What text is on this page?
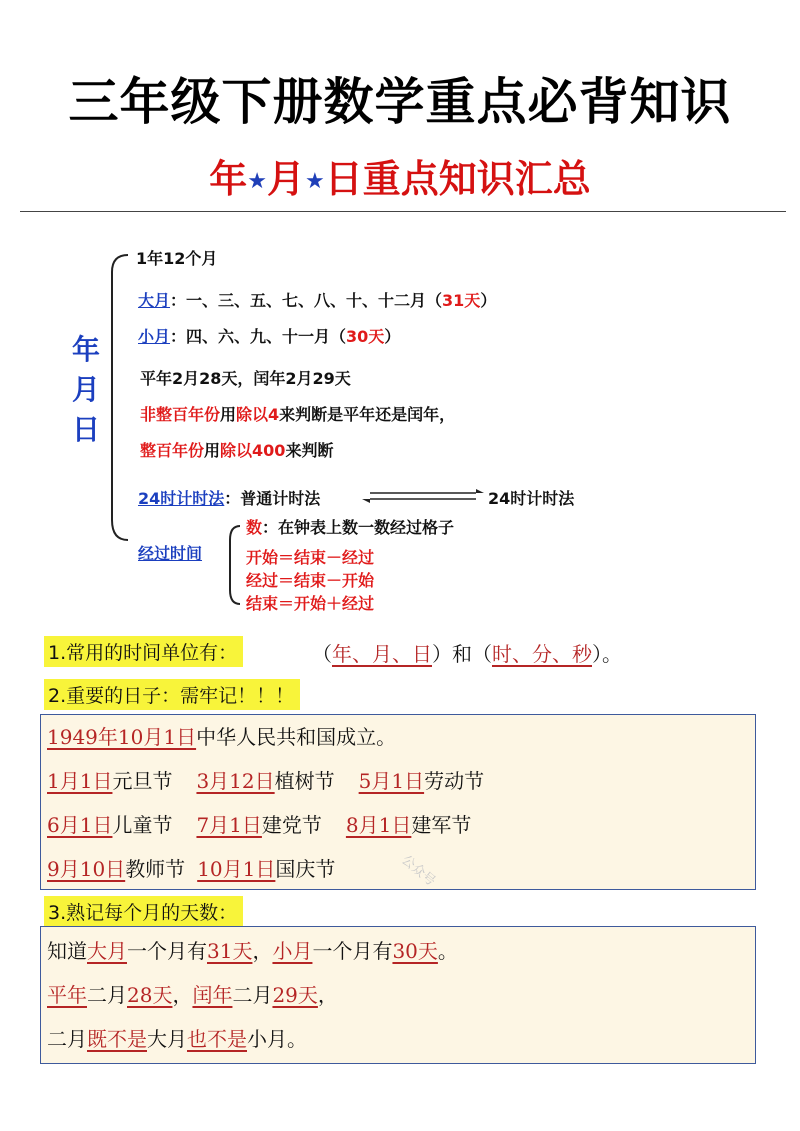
三年级下册数学重点必背知识
年★月★日重点知识汇总
年
月
日
1年12个月
大月：一、三、五、七、八、十、十二月（31天）
小月：四、六、九、十一月（30天）
平年2月28天，闰年2月29天
非整百年份用除以4来判断是平年还是闰年，
整百年份用除以400来判断
24时计时法：普通计时法	24时计时法
经过时间
数：在钟表上数一数经过格子
开始＝结束－经过
经过＝结束－开始
结束＝开始＋经过
1.常用的时间单位有：	（年、月、日）和（时、分、秒）。
2.重要的日子：需牢记！！！
1949年10月1日中华人民共和国成立。
1月1日元旦节 3月12日植树节 5月1日劳动节
6月1日儿童节 7月1日建党节 8月1日建军节
9月10日教师节 10月1日国庆节
3.熟记每个月的天数：
知道大月一个月有31天，小月一个月有30天。
平年二月28天，闰年二月29天，
二月既不是大月也不是小月。
公众号
